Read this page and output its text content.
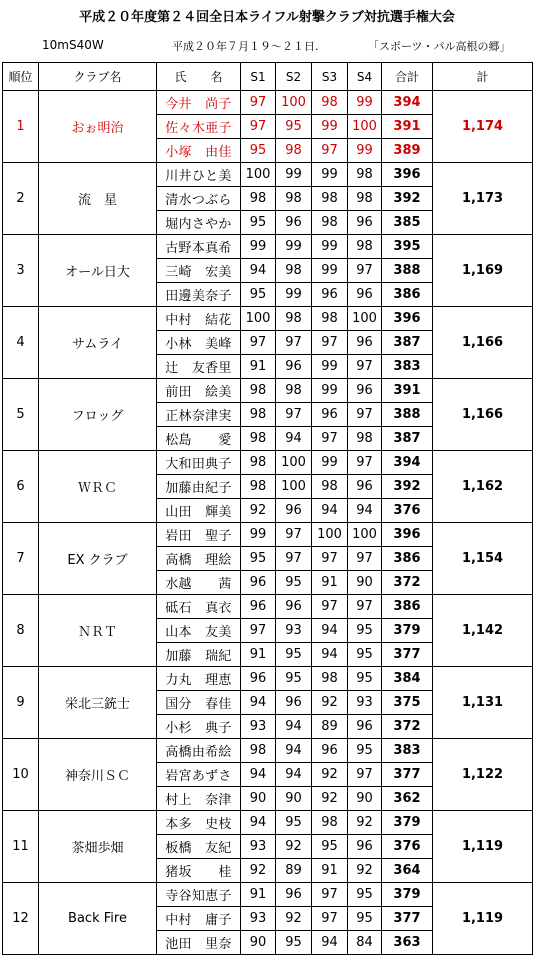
平成２０年度第２４回全日本ライフル射撃クラブ対抗選手権大会
10mS40W	平成２０年７月１９～２１日.	「スポーツ・パル高根の郷」
順位	クラブ名	氏　　名	S1	S2	S3	S4	合計	計
1	おぉ明治	今井　尚子	97	100	98	99	394	1,174
		佐々木亜子	97	95	99	100	391	
		小塚　由佳	95	98	97	99	389	
2	流　星	川井ひと美	100	99	99	98	396	1,173
		清水つぶら	98	98	98	98	392	
		堀内さやか	95	96	98	96	385	
3	オール日大	古野本真希	99	99	99	98	395	1,169
		三崎　宏美	94	98	99	97	388	
		田邊美奈子	95	99	96	96	386	
4	サムライ	中村　結花	100	98	98	100	396	1,166
		小林　美峰	97	97	97	96	387	
		辻　友香里	91	96	99	97	383	
5	フロッグ	前田　絵美	98	98	99	96	391	1,166
		正林奈津実	98	97	96	97	388	
		松島　　愛	98	94	97	98	387	
6	ＷＲＣ	大和田典子	98	100	99	97	394	1,162
		加藤由紀子	98	100	98	96	392	
		山田　輝美	92	96	94	94	376	
7	EX クラブ	岩田　聖子	99	97	100	100	396	1,154
		高橋　理絵	95	97	97	97	386	
		水越　　茜	96	95	91	90	372	
8	ＮＲＴ	砥石　真衣	96	96	97	97	386	1,142
		山本　友美	97	93	94	95	379	
		加藤　瑞紀	91	95	94	95	377	
9	栄北三銃士	力丸　理恵	96	95	98	95	384	1,131
		国分　春佳	94	96	92	93	375	
		小杉　典子	93	94	89	96	372	
10	神奈川ＳＣ	高橋由希絵	98	94	96	95	383	1,122
		岩宮あずさ	94	94	92	97	377	
		村上　奈津	90	90	92	90	362	
11	茶畑歩畑	本多　史枝	94	95	98	92	379	1,119
		板橋　友紀	93	92	95	96	376	
		猪坂　　桂	92	89	91	92	364	
12	Back Fire	寺谷知恵子	91	96	97	95	379	1,119
		中村　庸子	93	92	97	95	377	
		池田　里奈	90	95	94	84	363	
